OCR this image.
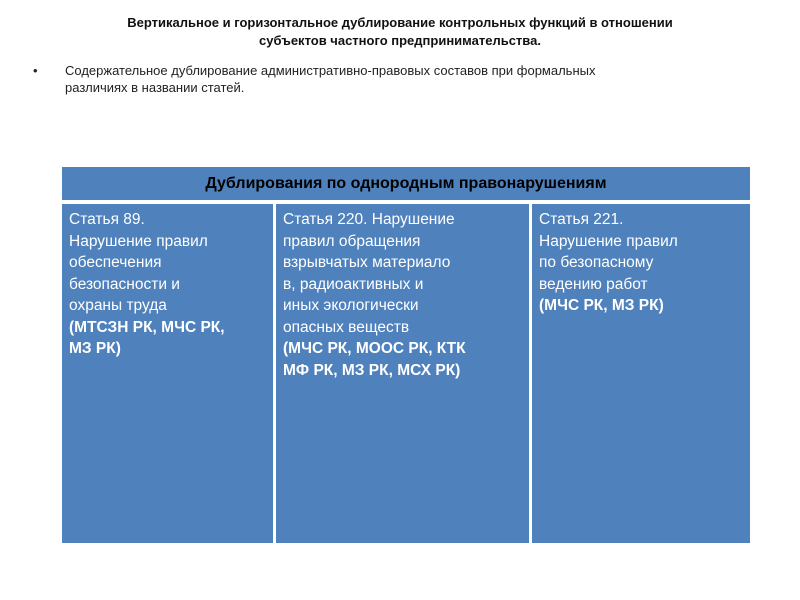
Вертикальное и горизонтальное дублирование контрольных функций в отношении
субъектов частного предпринимательства.
• Содержательное дублирование административно-правовых составов при формальных
различиях в названии статей.
Дублирования по однородным правонарушениям
Статья 89.
Нарушение правил
обеспечения
безопасности и
охраны труда
(МТСЗН РК, МЧС РК,
МЗ РК)
Статья 220. Нарушение
правил обращения
взрывчатых материало
в, радиоактивных и
иных экологически
опасных веществ
(МЧС РК, МООС РК, КТК
МФ РК, МЗ РК, МСХ РК)
Статья 221.
Нарушение правил
по безопасному
ведению работ
(МЧС РК, МЗ РК)
